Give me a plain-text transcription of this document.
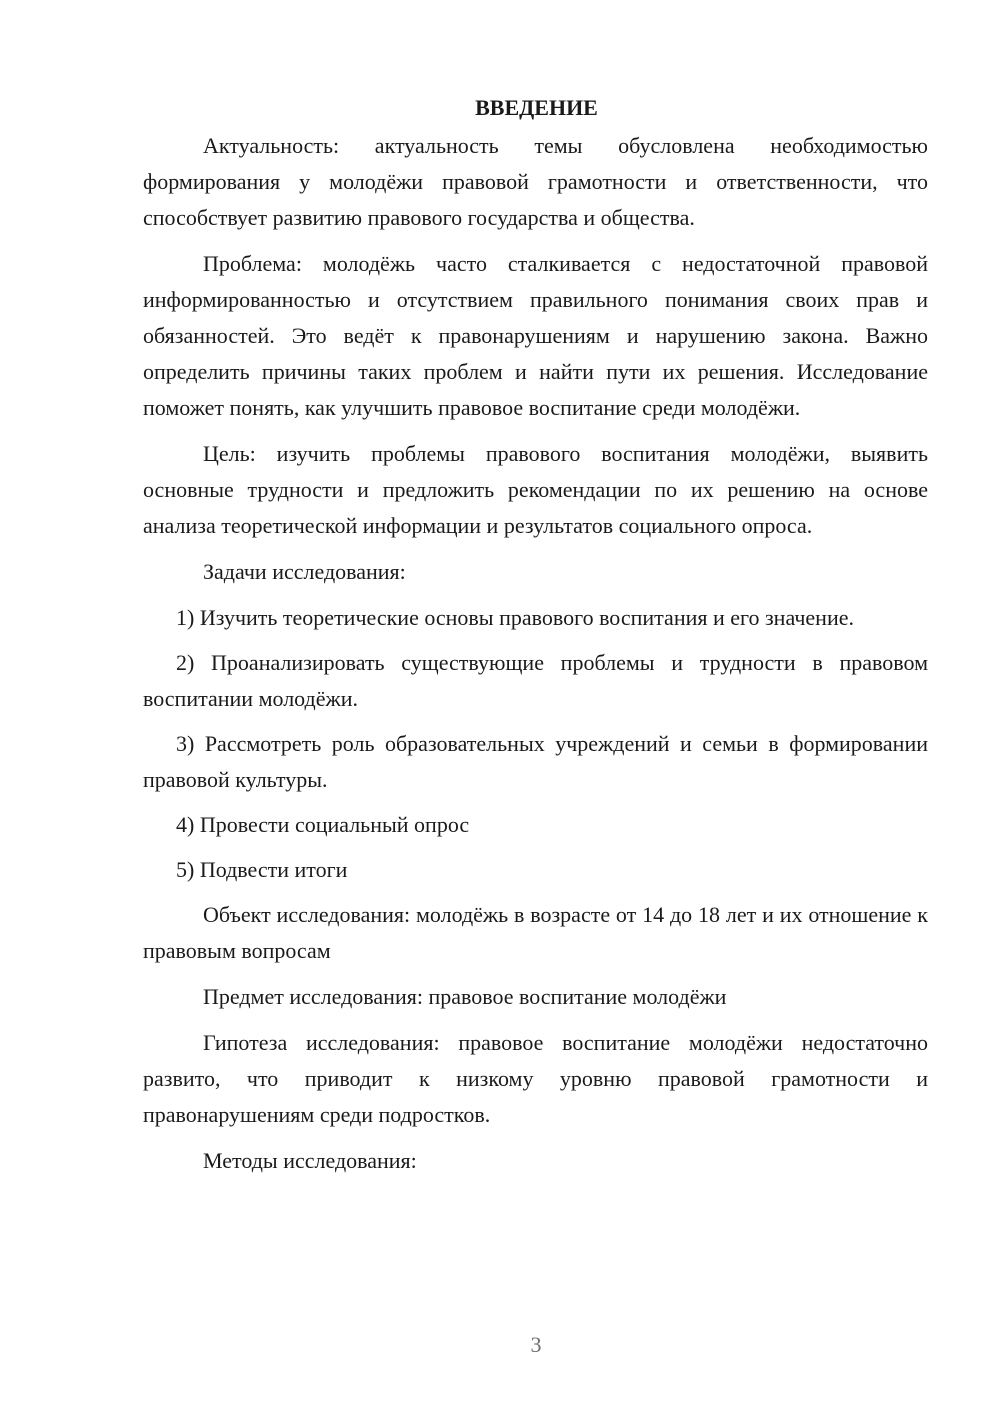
ВВЕДЕНИЕ

Актуальность: актуальность темы обусловлена необходимостью формирования у молодёжи правовой грамотности и ответственности, что способствует развитию правового государства и общества.

Проблема: молодёжь часто сталкивается с недостаточной правовой информированностью и отсутствием правильного понимания своих прав и обязанностей. Это ведёт к правонарушениям и нарушению закона. Важно определить причины таких проблем и найти пути их решения. Исследование поможет понять, как улучшить правовое воспитание среди молодёжи.

Цель: изучить проблемы правового воспитания молодёжи, выявить основные трудности и предложить рекомендации по их решению на основе анализа теоретической информации и результатов социального опроса.

Задачи исследования:

1) Изучить теоретические основы правового воспитания и его значение.

2) Проанализировать существующие проблемы и трудности в правовом воспитании молодёжи.

3) Рассмотреть роль образовательных учреждений и семьи в формировании правовой культуры.

4) Провести социальный опрос

5) Подвести итоги

Объект исследования: молодёжь в возрасте от 14 до 18 лет и их отношение к правовым вопросам

Предмет исследования: правовое воспитание молодёжи

Гипотеза исследования: правовое воспитание молодёжи недостаточно развито, что приводит к низкому уровню правовой грамотности и правонарушениям среди подростков.

Методы исследования:

3
